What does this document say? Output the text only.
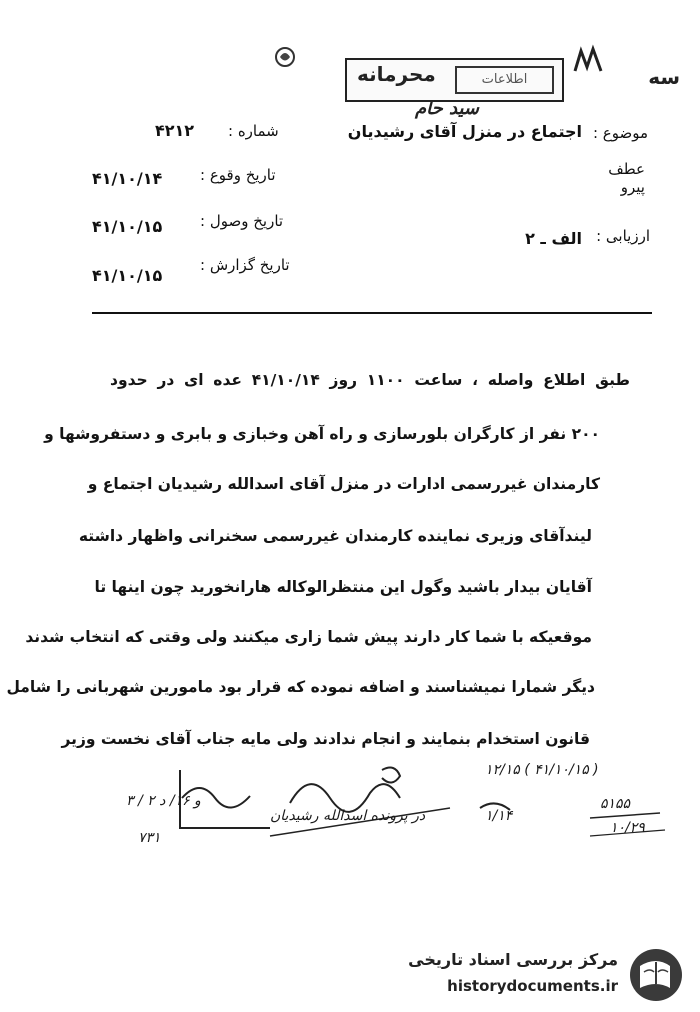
محرمانه	اطلاعات	سه
سید حام
موضوع :
اجتماع در منزل آقای رشیدیان
شماره :
۴۲۱۲
عطف
پیرو
تاریخ وقوع :
۴۱/۱۰/۱۴
تاریخ وصول :
۴۱/۱۰/۱۵	ارزیابی :
الف ـ ۲
تاریخ گزارش :
۴۱/۱۰/۱۵
طبق اطلاع واصله ، ساعت ۱۱۰۰ روز ۴۱/۱۰/۱۴ عده ای در حدود
۲۰۰ نفر از کارگران بلورسازی و راه آهن وخبازی و بابری و دستفروشها و
کارمندان غیررسمی ادارات در منزل آقای اسدالله رشیدیان اجتماع و
لیندآقای وزیری نماینده کارمندان غیررسمی سخنرانی واظهار داشته
آقایان بیدار باشید وگول این منتظرالوکاله هارانخورید چون اینها تا
موقعیکه با شما کار دارند پیش شما زاری میکنند ولی وقتی که انتخاب شدند
دیگر شمارا نمیشناسند و اضافه نموده که قرار بود مامورین شهربانی را شامل
قانون استخدام بنمایند و انجام ندادند ولی مایه جناب آقای نخست وزیر
و ۱۶/ د ۲ / ۳
۷۳۱
در پرونده اسدالله رشیدیان
۱۲/۱۵ ( ۴۱/۱۰/۱۵ )
۱/۱۴
۵۱۵۵
۱۰/۲۹
مرکز بررسی اسناد تاریخی
historydocuments.ir
